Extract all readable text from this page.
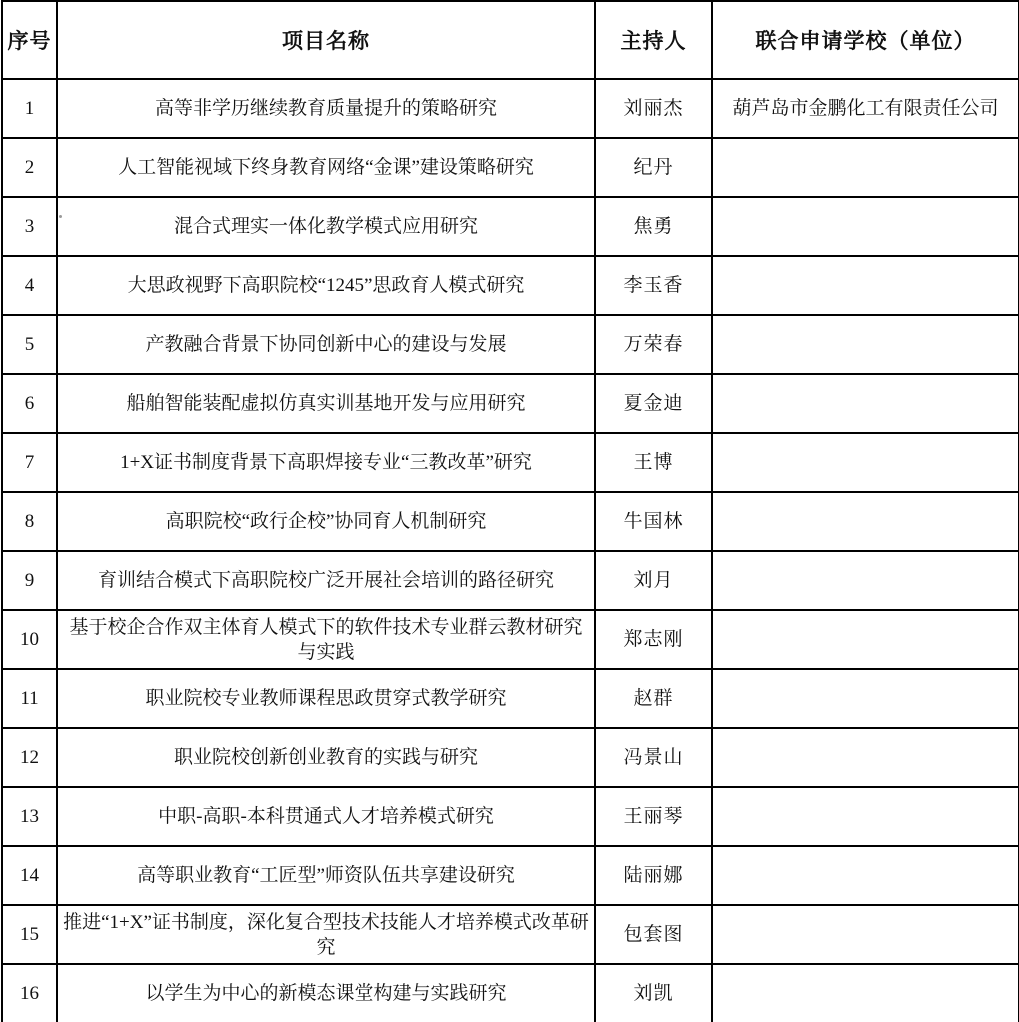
序号	项目名称	主持人	联合申请学校（单位）
1	高等非学历继续教育质量提升的策略研究	刘丽杰	葫芦岛市金鹏化工有限责任公司
2	人工智能视域下终身教育网络“金课”建设策略研究	纪丹	
3	混合式理实一体化教学模式应用研究	焦勇	
4	大思政视野下高职院校“1245”思政育人模式研究	李玉香	
5	产教融合背景下协同创新中心的建设与发展	万荣春	
6	船舶智能装配虚拟仿真实训基地开发与应用研究	夏金迪	
7	1+X证书制度背景下高职焊接专业“三教改革”研究	王博	
8	高职院校“政行企校”协同育人机制研究	牛国林	
9	育训结合模式下高职院校广泛开展社会培训的路径研究	刘月	
10	基于校企合作双主体育人模式下的软件技术专业群云教材研究与实践	郑志刚	
11	职业院校专业教师课程思政贯穿式教学研究	赵群	
12	职业院校创新创业教育的实践与研究	冯景山	
13	中职-高职-本科贯通式人才培养模式研究	王丽琴	
14	高等职业教育“工匠型”师资队伍共享建设研究	陆丽娜	
15	推进“1+X”证书制度，深化复合型技术技能人才培养模式改革研究	包套图	
16	以学生为中心的新模态课堂构建与实践研究	刘凯	
